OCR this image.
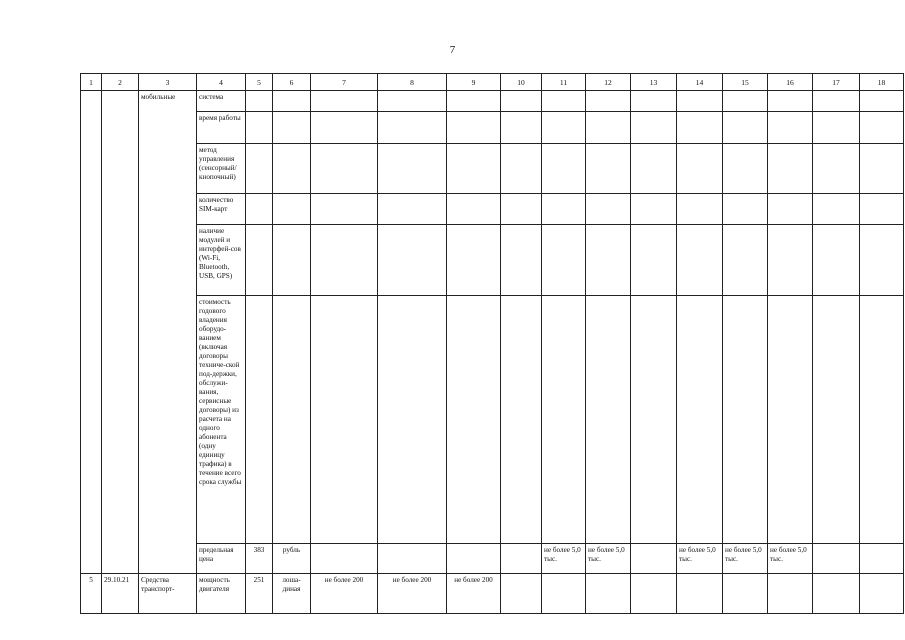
7
1	2	3	4	5	6	7	8	9	10	11	12	13	14	15	16	17	18
		мобильные	система														
			время работы														
			метод управления (сенсорный/ кнопочный)														
			количество SIM-карт														
			наличие модулей и интерфей-сов (Wi-Fi, Bluetooth, USB, GPS)														
			стоимость годового владения оборудо-ванием (включая договоры техниче-ской под-держки, обслужи-вания, сервисные договоры) из расчета на одного абонента (одну единицу трафика) в течение всего срока службы														
			предельная цена	383	рубль					не более 5,0 тыс.	не более 5,0 тыс.		не более 5,0 тыс.	не более 5,0 тыс.	не более 5,0 тыс.		
5	29.10.21	Средства транспорт-	мощность двигателя	251	лоша-диная	не более 200	не более 200	не более 200									
